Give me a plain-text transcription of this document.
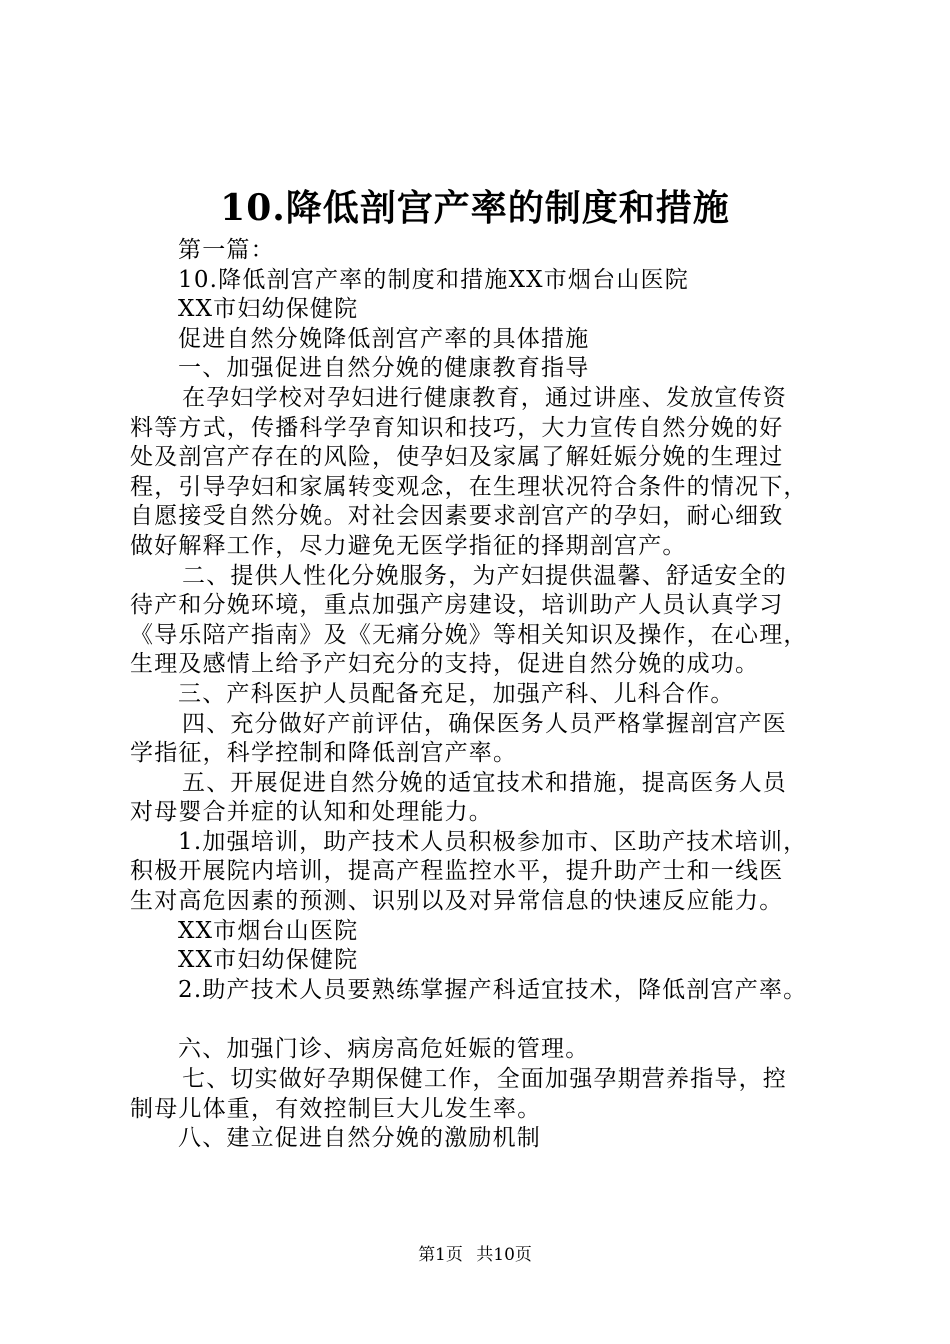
10.降低剖宫产率的制度和措施
第一篇：
10.降低剖宫产率的制度和措施XX市烟台山医院
XX市妇幼保健院
促进自然分娩降低剖宫产率的具体措施
一、加强促进自然分娩的健康教育指导
在孕妇学校对孕妇进行健康教育，通过讲座、发放宣传资
料等方式，传播科学孕育知识和技巧，大力宣传自然分娩的好
处及剖宫产存在的风险，使孕妇及家属了解妊娠分娩的生理过
程，引导孕妇和家属转变观念，在生理状况符合条件的情况下，
自愿接受自然分娩。对社会因素要求剖宫产的孕妇，耐心细致
做好解释工作，尽力避免无医学指征的择期剖宫产。
二、提供人性化分娩服务，为产妇提供温馨、舒适安全的
待产和分娩环境，重点加强产房建设，培训助产人员认真学习
《导乐陪产指南》及《无痛分娩》等相关知识及操作，在心理，
生理及感情上给予产妇充分的支持，促进自然分娩的成功。
三、产科医护人员配备充足，加强产科、儿科合作。
四、充分做好产前评估，确保医务人员严格掌握剖宫产医
学指征，科学控制和降低剖宫产率。
五、开展促进自然分娩的适宜技术和措施，提高医务人员
对母婴合并症的认知和处理能力。
1.加强培训，助产技术人员积极参加市、区助产技术培训，
积极开展院内培训，提高产程监控水平，提升助产士和一线医
生对高危因素的预测、识别以及对异常信息的快速反应能力。
XX市烟台山医院
XX市妇幼保健院
2.助产技术人员要熟练掌握产科适宜技术，降低剖宫产率。
六、加强门诊、病房高危妊娠的管理。
七、切实做好孕期保健工作，全面加强孕期营养指导，控
制母儿体重，有效控制巨大儿发生率。
八、建立促进自然分娩的激励机制
第1页 共10页
